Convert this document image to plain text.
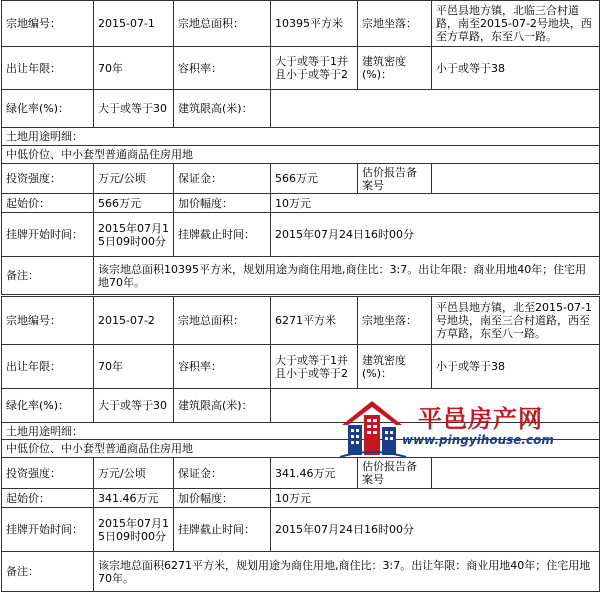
宗地编号：	2015-07-1	宗地总面积：	10395平方米	宗地坐落：	平邑县地方镇，北临三合村道路，南至2015-07-2号地块，西至方草路，东至八一路。
出让年限：	70年	容积率：	大于或等于1并且小于或等于2	建筑密度(%)：	小于或等于38
绿化率(%)：	大于或等于30	建筑限高(米)：			
土地用途明细：					
中低价位、中小套型普通商品住房用地					
投资强度：	万元/公顷	保证金：	566万元	估价报告备案号	
起始价：	566万元	加价幅度：	10万元		
挂牌开始时间：	2015年07月15日09时00分	挂牌截止时间：	2015年07月24日16时00分		
备注：	该宗地总面积10395平方米，规划用途为商住用地,商住比：3:7。出让年限：商业用地40年；住宅用地70年。				
宗地编号：	2015-07-2	宗地总面积：	6271平方米	宗地坐落：	平邑县地方镇，北至2015-07-1号地块，南至三合村道路，西至方草路，东至八一路。
出让年限：	70年	容积率：	大于或等于1并且小于或等于2	建筑密度(%)：	小于或等于38
绿化率(%)：	大于或等于30	建筑限高(米)：			
土地用途明细：					
中低价位、中小套型普通商品住房用地					
投资强度：	万元/公顷	保证金：	341.46万元	估价报告备案号	
起始价：	341.46万元	加价幅度：	10万元		
挂牌开始时间：	2015年07月15日09时00分	挂牌截止时间：	2015年07月24日16时00分		
备注：	该宗地总面积6271平方米，规划用途为商住用地,商住比：3:7。出让年限：商业用地40年；住宅用地70年。				
平邑房产网
www.pingyihouse.com
